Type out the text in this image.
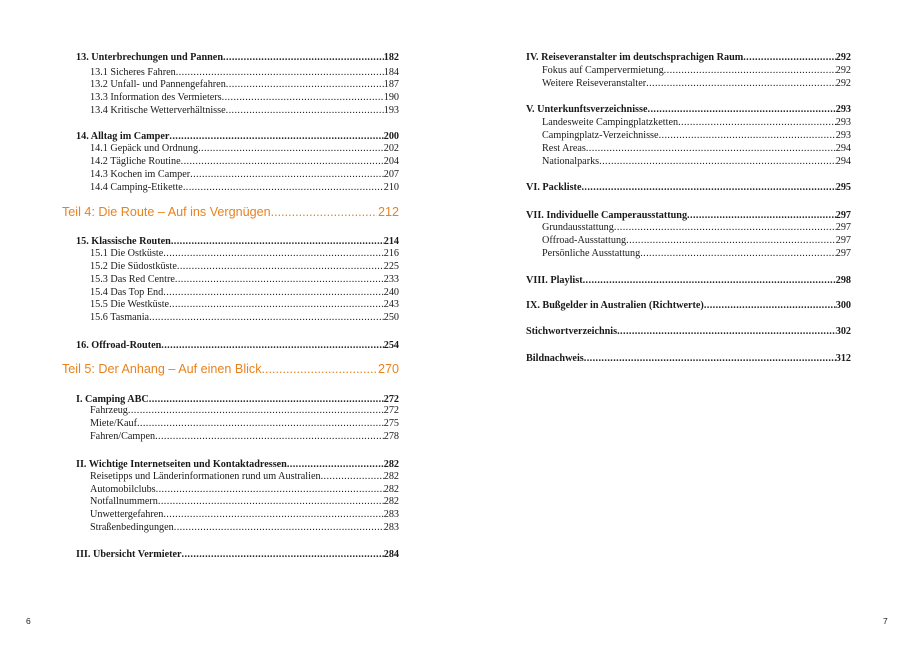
13. Unterbrechungen und Pannen .....	182
13.1 Sicheres Fahren .....	184
13.2 Unfall- und Pannengefahren .....	187
13.3 Information des Vermieters .....	190
13.4 Kritische Wetterverhältnisse .....	193
14. Alltag im Camper .....	200
14.1 Gepäck und Ordnung .....	202
14.2 Tägliche Routine .....	204
14.3 Kochen im Camper .....	207
14.4 Camping-Etikette .....	210
Teil 4: Die Route – Auf ins Vergnügen .....	212
15. Klassische Routen .....	214
15.1 Die Ostküste .....	216
15.2 Die Südostküste .....	225
15.3 Das Red Centre .....	233
15.4 Das Top End .....	240
15.5 Die Westküste .....	243
15.6 Tasmania .....	250
16. Offroad-Routen .....	254
Teil 5: Der Anhang – Auf einen Blick .....	270
I. Camping ABC .....	272
Fahrzeug .....	272
Miete/Kauf .....	275
Fahren/Campen .....	278
II. Wichtige Internetseiten und Kontaktadressen .....	282
Reisetipps und Länderinformationen rund um Australien .....	282
Automobilclubs .....	282
Notfallnummern .....	282
Unwettergefahren .....	283
Straßenbedingungen .....	283
III. Übersicht Vermieter .....	284
6
IV. Reiseveranstalter im deutschsprachigen Raum .....	292
Fokus auf Campervermietung .....	292
Weitere Reiseveranstalter .....	292
V. Unterkunftsverzeichnisse .....	293
Landesweite Campingplatzketten .....	293
Campingplatz-Verzeichnisse .....	293
Rest Areas .....	294
Nationalparks .....	294
VI. Packliste .....	295
VII. Individuelle Camperausstattung .....	297
Grundausstattung .....	297
Offroad-Ausstattung .....	297
Persönliche Ausstattung .....	297
VIII. Playlist .....	298
IX. Bußgelder in Australien (Richtwerte) .....	300
Stichwortverzeichnis .....	302
Bildnachweis .....	312
7
